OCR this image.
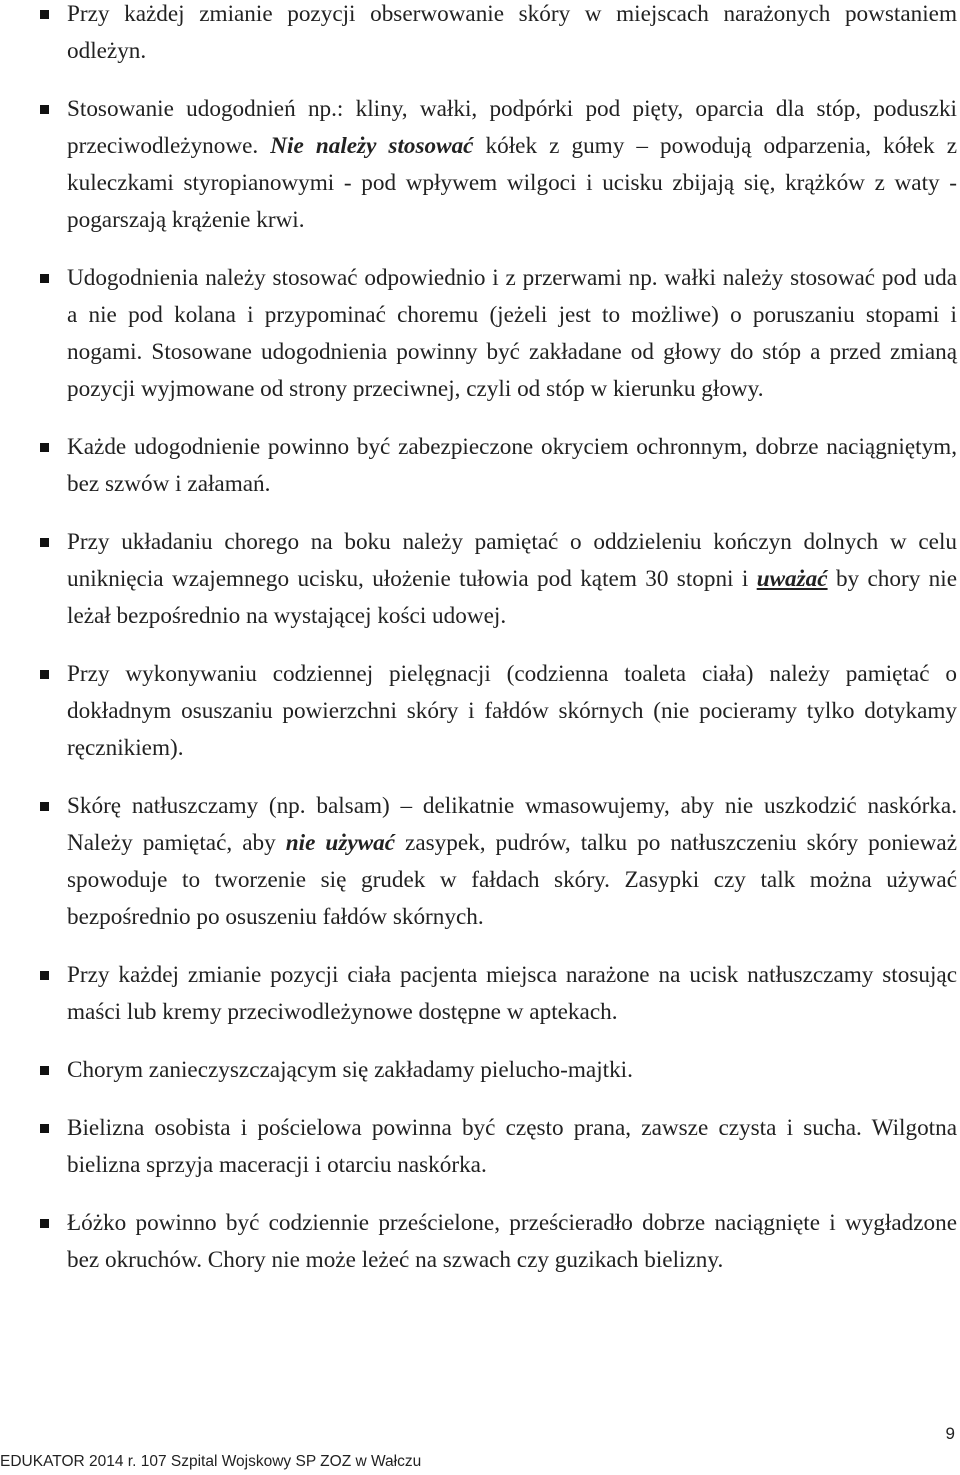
Przy każdej zmianie pozycji obserwowanie skóry w miejscach narażonych powstaniem odleżyn.
Stosowanie udogodnień np.: kliny, wałki, podpórki pod pięty, oparcia dla stóp, poduszki przeciwodleżynowe. Nie należy stosować kółek z gumy – powodują odparzenia, kółek z kuleczkami styropianowymi - pod wpływem wilgoci i ucisku zbijają się, krążków z waty - pogarszają krążenie krwi.
Udogodnienia należy stosować odpowiednio i z przerwami np. wałki należy stosować pod uda a nie pod kolana i przypominać choremu (jeżeli jest to możliwe) o poruszaniu stopami i nogami. Stosowane udogodnienia powinny być zakładane od głowy do stóp a przed zmianą pozycji wyjmowane od strony przeciwnej, czyli od stóp w kierunku głowy.
Każde udogodnienie powinno być zabezpieczone okryciem ochronnym, dobrze naciągniętym, bez szwów i załamań.
Przy układaniu chorego na boku należy pamiętać o oddzieleniu kończyn dolnych w celu uniknięcia wzajemnego ucisku, ułożenie tułowia pod kątem 30 stopni i uważać by chory nie leżał bezpośrednio na wystającej kości udowej.
Przy wykonywaniu codziennej pielęgnacji (codzienna toaleta ciała) należy pamiętać o dokładnym osuszaniu powierzchni skóry i fałdów skórnych (nie pocieramy tylko dotykamy ręcznikiem).
Skórę natłuszczamy (np. balsam) – delikatnie wmasowujemy, aby nie uszkodzić naskórka. Należy pamiętać, aby nie używać zasypek, pudrów, talku po natłuszczeniu skóry ponieważ spowoduje to tworzenie się grudek w fałdach skóry. Zasypki czy talk można używać bezpośrednio po osuszeniu fałdów skórnych.
Przy każdej zmianie pozycji ciała pacjenta miejsca narażone na ucisk natłuszczamy stosując maści lub kremy przeciwodleżynowe dostępne w aptekach.
Chorym zanieczyszczającym się zakładamy pielucho-majtki.
Bielizna osobista i pościelowa powinna być często prana, zawsze czysta i sucha. Wilgotna bielizna sprzyja maceracji i otarciu naskórka.
Łóżko powinno być codziennie prześcielone, prześcieradło dobrze naciągnięte i wygładzone bez okruchów. Chory nie może leżeć na szwach czy guzikach bielizny.
EDUKATOR 2014 r. 107 Szpital Wojskowy SP ZOZ w Wałczu
9
